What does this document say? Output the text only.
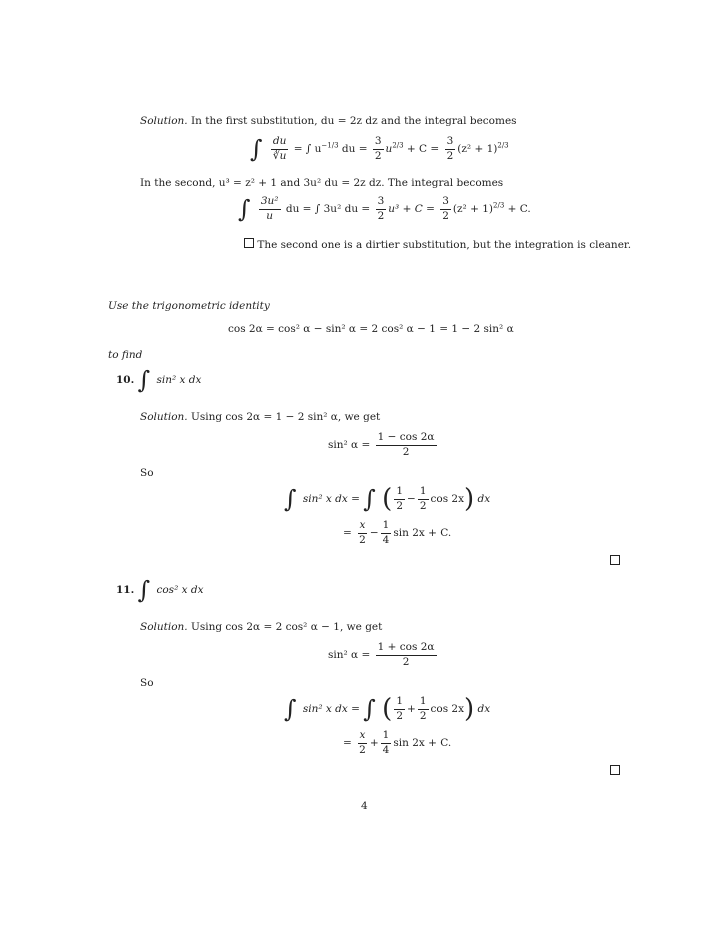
Solution. In the first substitution, du = 2z dz and the integral becomes
∫ $\frac{du}{∛u}$ = ∫ $u^{-1/3}$ du = $\frac{3}{2} u^{2/3} + C = \frac{3}{2} (z^2 + 1)^{2/3}$
In the second, u³ = z² + 1 and 3u² du = 2z dz. The integral becomes
∫ $\frac{\text{3u²}}{u}$ du = ∫ 3u² du = $\frac{3}{2} u^3 + C = \frac{3}{2} (z^2 + 1)^{2/3} + C$.
The second one is a dirtier substitution, but the integration is cleaner.
Use the trigonometric identity
cos 2α = cos² α − sin² α = 2 cos² α − 1 = 1 − 2 sin² α
to find
10. ∫ sin² x dx
Solution. Using cos 2α = 1 − 2 sin² α, we get
sin² $\alpha = \frac{1 - \cos 2\alpha}{2}$
So
∫ sin² x dx = ∫ ( $\frac{1}{2} - \frac{1}{2}$ cos 2x) dx
= $\frac{x}{2} - \frac{1}{4}$ sin 2x + C.
11. ∫ cos² x dx
Solution. Using cos 2α = 2 cos² α − 1, we get
sin² $\alpha = \frac{1 + \cos 2\alpha}{2}$
So
∫ sin² x dx = ∫ ( $\frac{1}{2} + \frac{1}{2}$ cos 2x) dx
= $\frac{x}{2} + \frac{1}{4}$ sin 2x + C.
4
